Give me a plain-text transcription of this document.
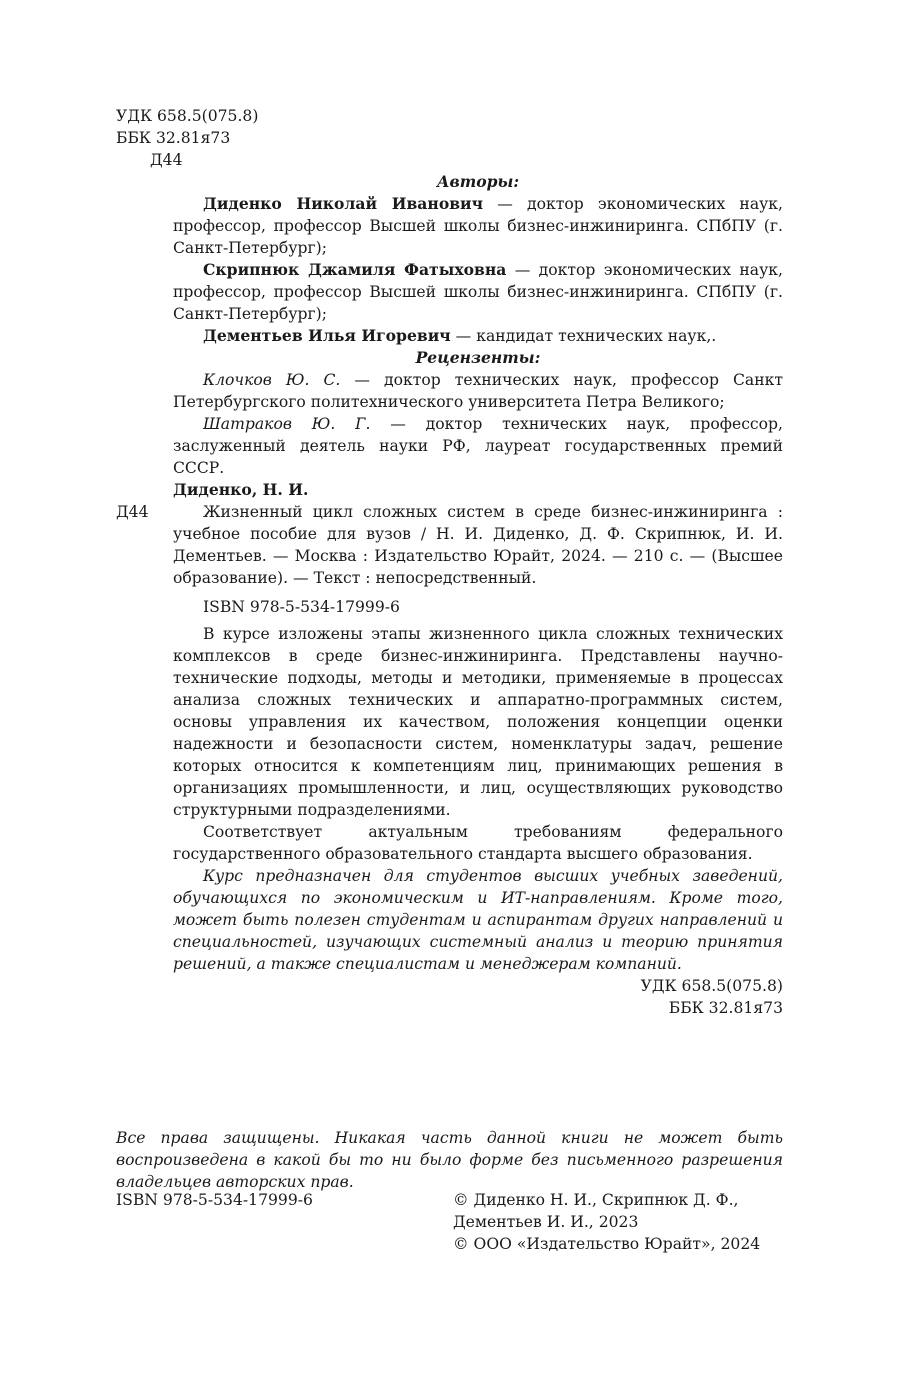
УДК 658.5(075.8)
ББК 32.81я73
Д44
Авторы:

Диденко Николай Иванович — доктор экономических наук, профессор, профессор Высшей школы бизнес-инжиниринга. СПбПУ (г. Санкт-Петербург);

Скрипнюк Джамиля Фатыховна — доктор экономических наук, профессор, профессор Высшей школы бизнес-инжиниринга. СПбПУ (г. Санкт-Петербург);

Дементьев Илья Игоревич — кандидат технических наук,.

Рецензенты:

Клочков Ю. С. — доктор технических наук, профессор Санкт Петербургского политехнического университета Петра Великого;

Шатраков Ю. Г. — доктор технических наук, профессор, заслуженный деятель науки РФ, лауреат государственных премий СССР.

Диденко, Н. И.
Д44	Жизненный цикл сложных систем в среде бизнес-инжиниринга : учебное пособие для вузов / Н. И. Диденко, Д. Ф. Скрипнюк, И. И. Дементьев. — Москва : Издательство Юрайт, 2024. — 210 с. — (Высшее образование). — Текст : непосредственный.
ISBN 978-5-534-17999-6

В курсе изложены этапы жизненного цикла сложных технических комплексов в среде бизнес-инжиниринга. Представлены научно-технические подходы, методы и методики, применяемые в процессах анализа сложных технических и аппаратно-программных систем, основы управления их качеством, положения концепции оценки надежности и безопасности систем, номенклатуры задач, решение которых относится к компетенциям лиц, принимающих решения в организациях промышленности, и лиц, осуществляющих руководство структурными подразделениями.

Соответствует актуальным требованиям федерального государственного образовательного стандарта высшего образования.

Курс предназначен для студентов высших учебных заведений, обучающихся по экономическим и ИТ-направлениям. Кроме того, может быть полезен студентам и аспирантам других направлений и специальностей, изучающих системный анализ и теорию принятия решений, а также специалистам и менеджерам компаний.

УДК 658.5(075.8)
ББК 32.81я73
Все права защищены. Никакая часть данной книги не может быть воспроизведена в какой бы то ни было форме без письменного разрешения владельцев авторских прав.
ISBN 978-5-534-17999-6	© Диденко Н. И., Скрипнюк Д. Ф.,
Дементьев И. И., 2023
© ООО «Издательство Юрайт», 2024
